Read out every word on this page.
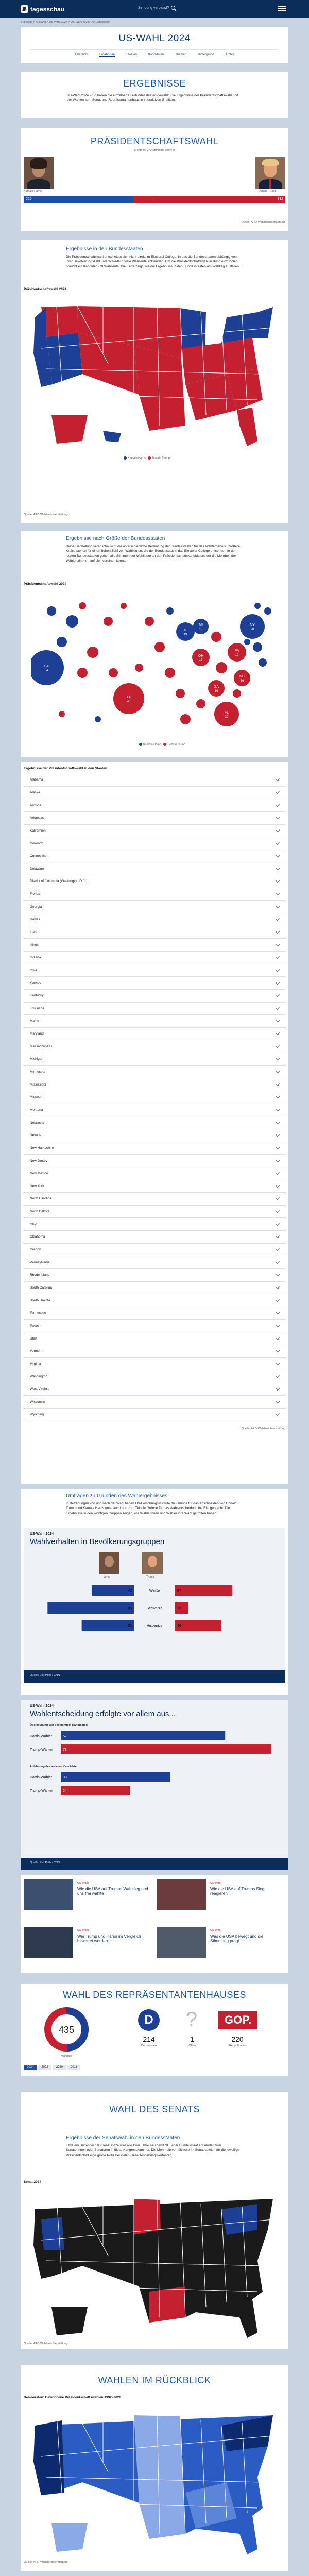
tagesschau	Sendung verpasst?
Startseite > Ausland > US-Wahl 2024 > US-Wahl 2024: Die Ergebnisse
US-WAHL 2024
Übersicht	Ergebnisse	Staaten	Kandidaten	Themen	Hintergrund	Archiv
ERGEBNISSE
US-Wahl 2024 – So haben die einzelnen US-Bundesstaaten gewählt. Die Ergebnisse der Präsidentschaftswahl und der Wahlen zum Senat und Repräsentantenhaus in interaktiven Grafiken.
PRÄSIDENTSCHAFTSWAHL
Mehrheit: 270 Stimmen, offen: 0
Kamala Harris	Donald Trump
226	312
Quelle: ARD-Wahlberichterstattung
Ergebnisse in den Bundesstaaten
Die Präsidentschaftswahl entscheidet sich nicht direkt im Electoral College, in das die Bundesstaaten abhängig von ihrer Bevölkerungszahl unterschiedlich viele Wahlleute entsenden. Um die Präsidentschaftswahl in Bund einzuholen, braucht ein Kandidat 270 Wahlleute. Die Karte zeigt, wie die Ergebnisse in den Bundesstaaten am Wahltag ausfallen.
Präsidentschaftswahl 2024
Kamala Harris Donald Trump
Quelle: ARD-Wahlberichterstattung
Ergebnisse nach Größe der Bundesstaaten
Diese Darstellung veranschaulicht die unterschiedliche Bedeutung der Bundesstaaten für das Wahlergebnis. Größere Kreise stehen für einen hohen Zahl von Wahlleuten, die der Bundesstaat in das Electoral College entsendet. In den letzten Bundesstaaten gehen alle Stimmen der Wahlleute an den Präsidentschaftskandidaten, der die Mehrheit der Wählerstimmen auf sich vereinen konnte.
Präsidentschaftswahl 2024
CA
54
TX
40
FL
30
NY
28
PA
19
IL
19
OH
17
GA
16
NC
16
MI
15
Kamala Harris Donald Trump
Ergebnisse der Präsidentschaftswahl in den Staaten
Alabama
Alaska
Arizona
Arkansas
Kalifornien
Colorado
Connecticut
Delaware
District of Columbia (Washington D.C.)
Florida
Georgia
Hawaii
Idaho
Illinois
Indiana
Iowa
Kansas
Kentucky
Louisiana
Maine
Maryland
Massachusetts
Michigan
Minnesota
Mississippi
Missouri
Montana
Nebraska
Nevada
New Hampshire
New Jersey
New Mexico
New York
North Carolina
North Dakota
Ohio
Oklahoma
Oregon
Pennsylvania
Rhode Island
South Carolina
South Dakota
Tennessee
Texas
Utah
Vermont
Virginia
Washington
West Virginia
Wisconsin
Wyoming
Quelle: ARD-Wahlberichterstattung
Umfragen zu Gründen des Wahlergebnisses
In Befragungen von und nach der Wahl haben US-Forschungsinstitute die Gründe für das Abschneiden von Donald Trump und Kamala Harris untersucht und zum Teil die Gründe für das Wahlentscheidung ins Bild gebracht. Die Ergebnisse in den wichtigen Gruppen zeigen, wie Wählerinnen und Wähler ihre Wahl getroffen haben.
US-Wahl 2024
Wahlverhalten in Bevölkerungsgruppen
Harris	Trump
Weiße
42	57
Schwarze
86	13
Hispanics
52	46
Quelle: Exit Polls / CNN
US-Wahl 2024
Wahlentscheidung erfolgte vor allem aus...
Überzeugung von bestimmtem Kandidaten
Harris-Wähler	57
Trump-Wähler	73
Ablehnung des anderen Kandidaten
Harris-Wähler	38
Trump-Wähler	24
Quelle: Exit Polls / CNN
US-Wahl
Wie die USA auf Trumps Wahlsieg und uns frei wählte
US-Wahl
Wie die USA auf Trumps Sieg reagieren
US-Wahl
Wie Trump und Harris im Vergleich bewertet werden
US-Wahl
Was die USA bewegt und die Stimmung prägt
WAHL DES REPRÄSENTANTENHAUSES
435
Mandate
D
214
Demokraten
?
1
Offen
GOP.
220
Republikaner
2024	2022	2020	2018
WAHL DES SENATS
Ergebnisse der Senatswahl in den Bundesstaaten
Etwa ein Drittel der 100 Senatssitze wird alle zwei Jahre neu gewählt. Jeder Bundesstaat entsendet zwei Senatorinnen oder Senatoren in diese Kongresskammer. Die Mehrheitsverhältnisse im Senat spielen für die jeweilige Präsidentschaft eine große Rolle bei vielen Gesetzesgebungsverfahren.
Senat 2024
Quelle: ARD-Wahlberichterstattung
WAHLEN IM RÜCKBLICK
Demokraten: Gewonnene Präsidentschaftswahlen 1992–2020
Quelle: ARD-Wahlberichterstattung
